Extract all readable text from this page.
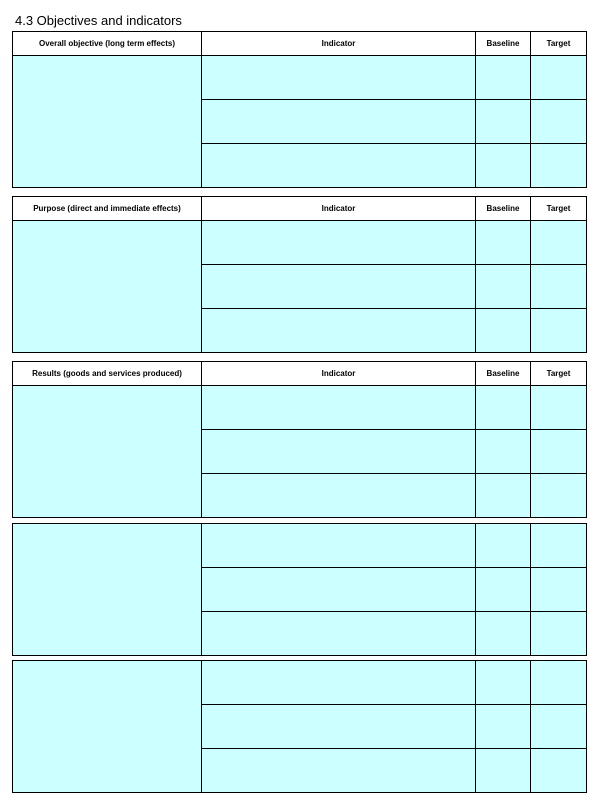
4.3 Objectives and indicators
Overall objective (long term effects)	Indicator	Baseline	Target

Purpose (direct and immediate effects)	Indicator	Baseline	Target

Results (goods and services produced)	Indicator	Baseline	Target
